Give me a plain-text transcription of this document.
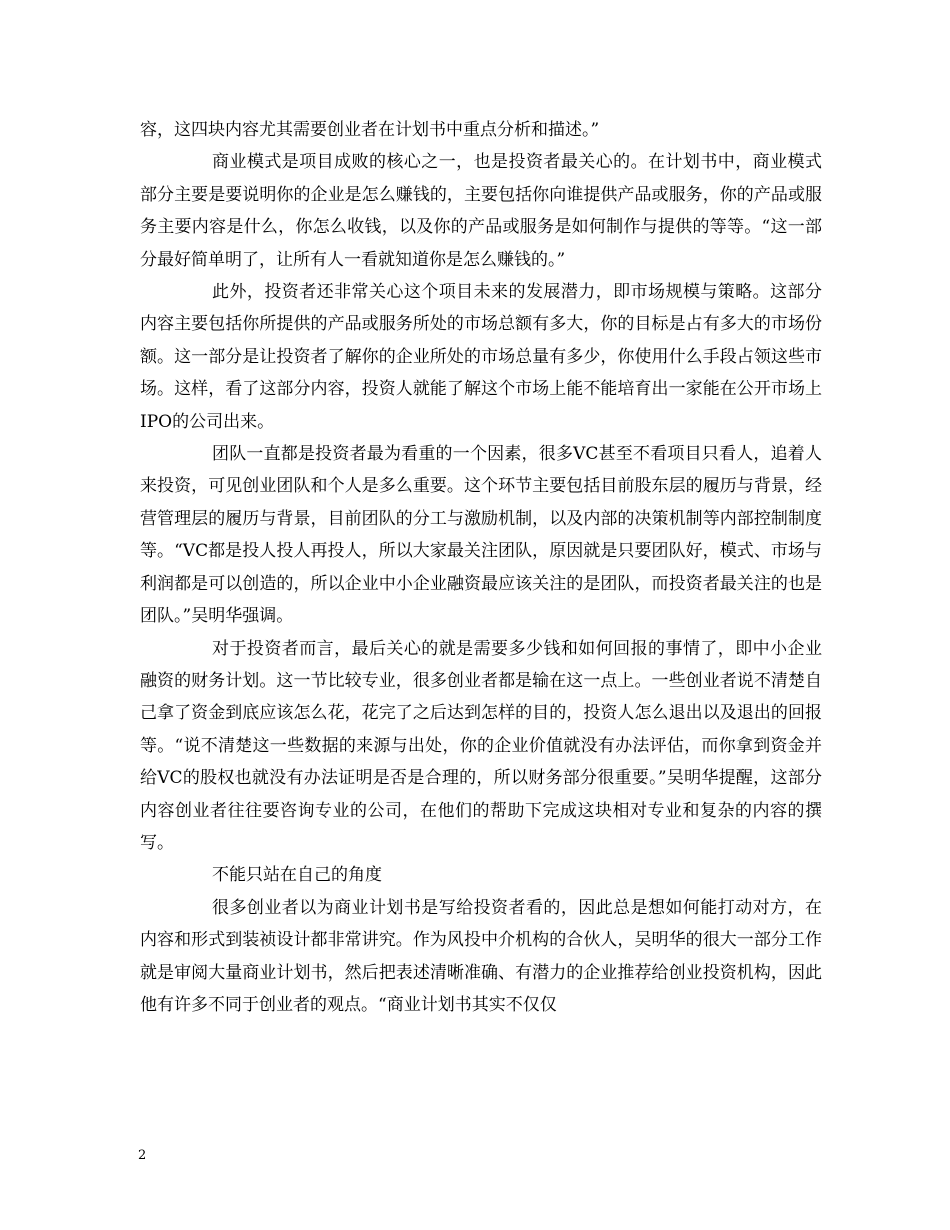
容，这四块内容尤其需要创业者在计划书中重点分析和描述。”

商业模式是项目成败的核心之一，也是投资者最关心的。在计划书中，商业模式部分主要是要说明你的企业是怎么赚钱的，主要包括你向谁提供产品或服务，你的产品或服务主要内容是什么，你怎么收钱，以及你的产品或服务是如何制作与提供的等等。“这一部分最好简单明了，让所有人一看就知道你是怎么赚钱的。”

此外，投资者还非常关心这个项目未来的发展潜力，即市场规模与策略。这部分内容主要包括你所提供的产品或服务所处的市场总额有多大，你的目标是占有多大的市场份额。这一部分是让投资者了解你的企业所处的市场总量有多少，你使用什么手段占领这些市场。这样，看了这部分内容，投资人就能了解这个市场上能不能培育出一家能在公开市场上IPO的公司出来。

团队一直都是投资者最为看重的一个因素，很多VC甚至不看项目只看人，追着人来投资，可见创业团队和个人是多么重要。这个环节主要包括目前股东层的履历与背景，经营管理层的履历与背景，目前团队的分工与激励机制，以及内部的决策机制等内部控制制度等。“VC都是投人投人再投人，所以大家最关注团队，原因就是只要团队好，模式、市场与利润都是可以创造的，所以企业中小企业融资最应该关注的是团队，而投资者最关注的也是团队。”吴明华强调。

对于投资者而言，最后关心的就是需要多少钱和如何回报的事情了，即中小企业融资的财务计划。这一节比较专业，很多创业者都是输在这一点上。一些创业者说不清楚自己拿了资金到底应该怎么花，花完了之后达到怎样的目的，投资人怎么退出以及退出的回报等。“说不清楚这一些数据的来源与出处，你的企业价值就没有办法评估，而你拿到资金并给VC的股权也就没有办法证明是否是合理的，所以财务部分很重要。”吴明华提醒，这部分内容创业者往往要咨询专业的公司，在他们的帮助下完成这块相对专业和复杂的内容的撰写。

不能只站在自己的角度

很多创业者以为商业计划书是写给投资者看的，因此总是想如何能打动对方，在内容和形式到装祯设计都非常讲究。作为风投中介机构的合伙人，吴明华的很大一部分工作就是审阅大量商业计划书，然后把表述清晰准确、有潜力的企业推荐给创业投资机构，因此他有许多不同于创业者的观点。“商业计划书其实不仅仅

2
